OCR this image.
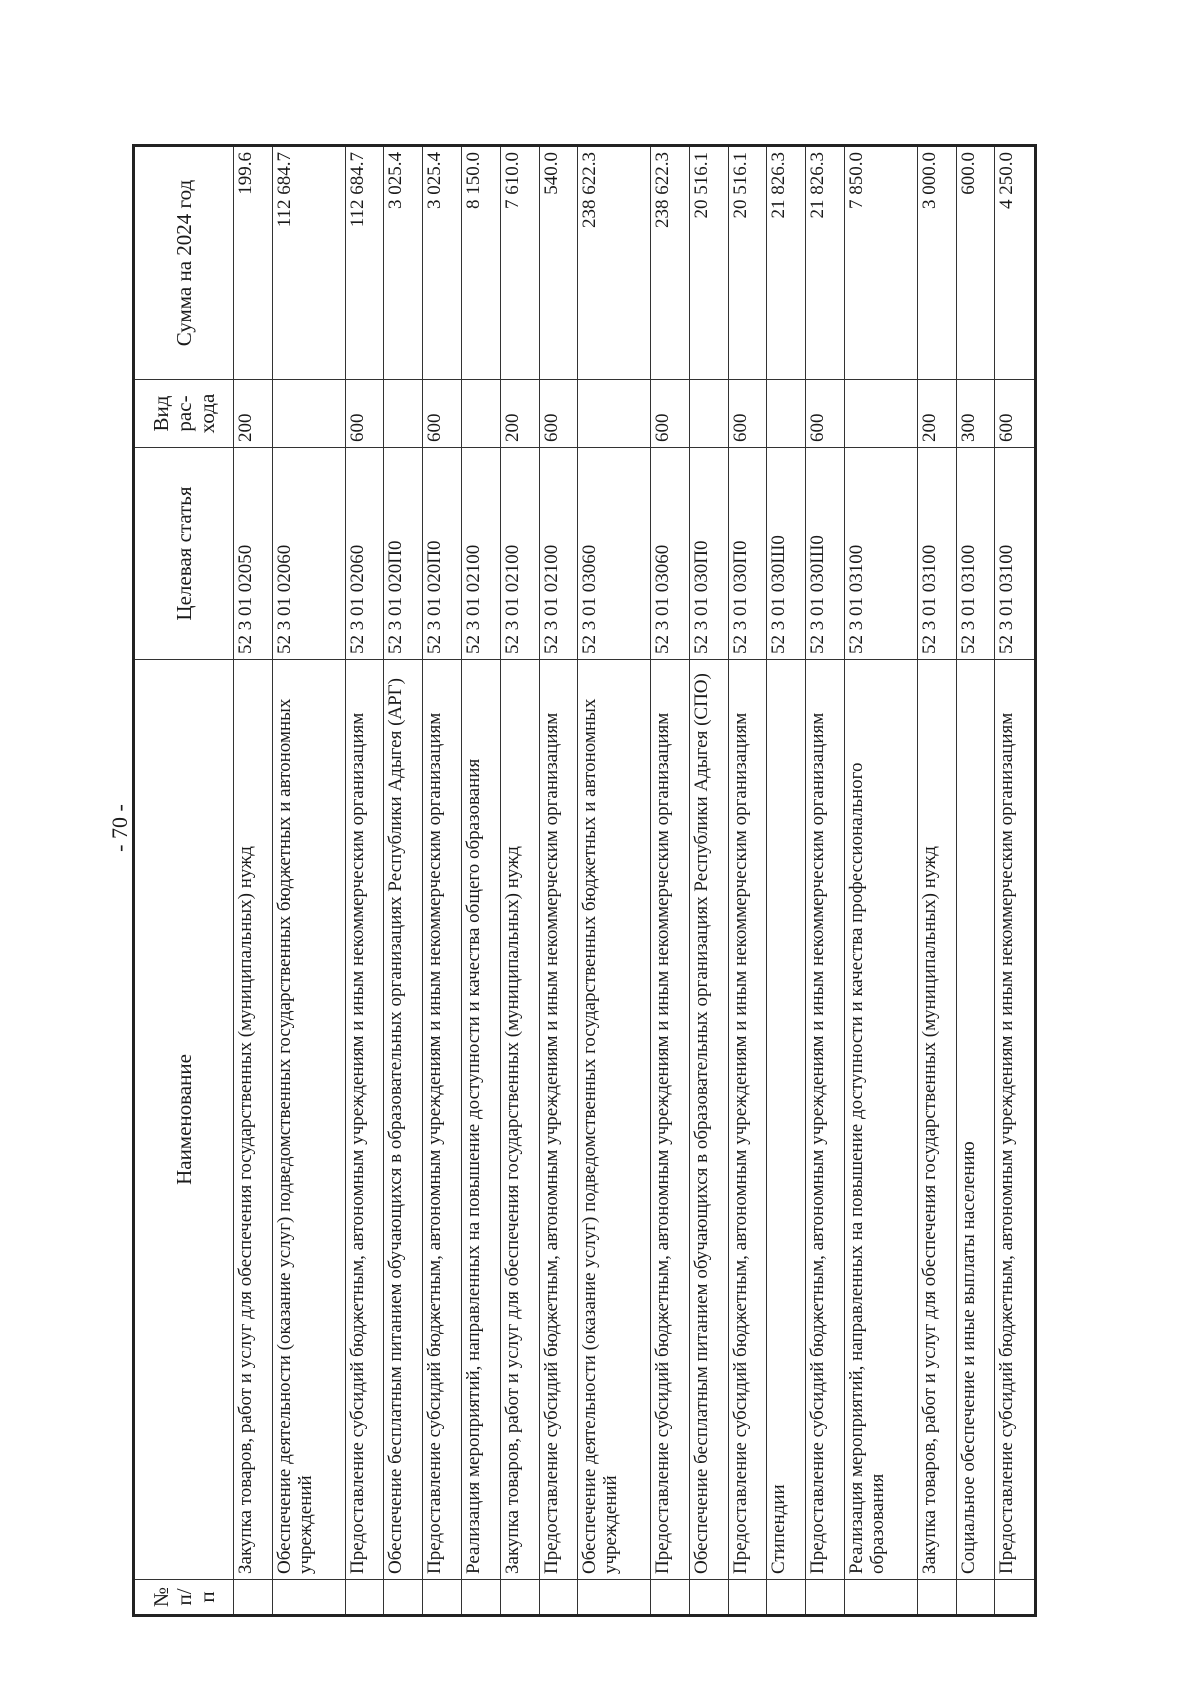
- 70 -
№ п/п	Наименование	Целевая статья	Вид рас-хода	Сумма на 2024 год
	Закупка товаров, работ и услуг для обеспечения государственных (муниципальных) нужд	52 3 01 02050	200	199.6
	Обеспечение деятельности (оказание услуг) подведомственных государственных бюджетных и автономных учреждений	52 3 01 02060		112 684.7
	Предоставление субсидий бюджетным, автономным учреждениям и иным некоммерческим организациям	52 3 01 02060	600	112 684.7
	Обеспечение бесплатным питанием обучающихся в образовательных организациях Республики Адыгея (АРГ)	52 3 01 020П0		3 025.4
	Предоставление субсидий бюджетным, автономным учреждениям и иным некоммерческим организациям	52 3 01 020П0	600	3 025.4
	Реализация мероприятий, направленных на повышение доступности и качества общего образования	52 3 01 02100		8 150.0
	Закупка товаров, работ и услуг для обеспечения государственных (муниципальных) нужд	52 3 01 02100	200	7 610.0
	Предоставление субсидий бюджетным, автономным учреждениям и иным некоммерческим организациям	52 3 01 02100	600	540.0
	Обеспечение деятельности (оказание услуг) подведомственных государственных бюджетных и автономных учреждений	52 3 01 03060		238 622.3
	Предоставление субсидий бюджетным, автономным учреждениям и иным некоммерческим организациям	52 3 01 03060	600	238 622.3
	Обеспечение бесплатным питанием обучающихся в образовательных организациях Республики Адыгея (СПО)	52 3 01 030П0		20 516.1
	Предоставление субсидий бюджетным, автономным учреждениям и иным некоммерческим организациям	52 3 01 030П0	600	20 516.1
	Стипендии	52 3 01 030Ш0		21 826.3
	Предоставление субсидий бюджетным, автономным учреждениям и иным некоммерческим организациям	52 3 01 030Ш0	600	21 826.3
	Реализация мероприятий, направленных на повышение доступности и качества профессионального образования	52 3 01 03100		7 850.0
	Закупка товаров, работ и услуг для обеспечения государственных (муниципальных) нужд	52 3 01 03100	200	3 000.0
	Социальное обеспечение и иные выплаты населению	52 3 01 03100	300	600.0
	Предоставление субсидий бюджетным, автономным учреждениям и иным некоммерческим организациям	52 3 01 03100	600	4 250.0
